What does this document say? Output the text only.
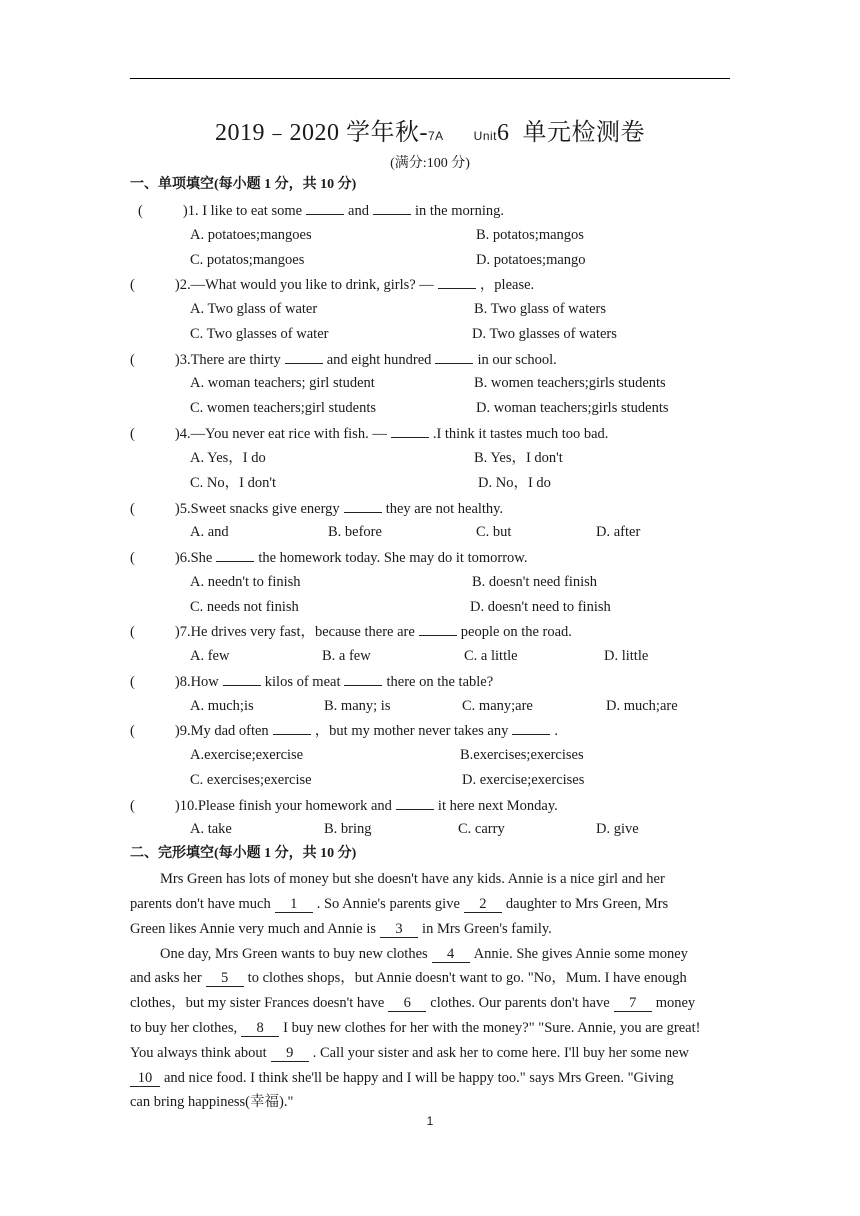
2019﹣2020 学年秋-7A	Unit6 单元检测卷
(满分:100 分)
一、单项填空(每小题 1 分，共 10 分)
(	)1. I like to eat some	and	in the morning.
A. potatoes;mangoes	B. potatos;mangos
C. potatos;mangoes	D. potatoes;mango
(	)2.—What would you like to drink, girls? —	，please.
A. Two glass of water	B. Two glass of waters
C. Two glasses of water	D. Two glasses of waters
(	)3.There are thirty	and eight hundred	in our school.
A. woman teachers; girl student	B. women teachers;girls students
C. women teachers;girl students	D. woman teachers;girls students
(	)4.—You never eat rice with fish. —	.I think it tastes much too bad.
A. Yes，I do	B. Yes，I don't
C. No，I don't	D. No，I do
(	)5.Sweet snacks give energy	they are not healthy.
A. and	B. before	C. but	D. after
(	)6.She	the homework today. She may do it tomorrow.
A. needn't to finish	B. doesn't need finish
C. needs not finish	D. doesn't need to finish
(	)7.He drives very fast，because there are	people on the road.
A. few	B. a few	C. a little	D. little
(	)8.How	kilos of meat	there on the table?
A. much;is	B. many; is	C. many;are	D. much;are
(	)9.My dad often	，but my mother never takes any	.
A.exercise;exercise	B.exercises;exercises
C. exercises;exercise	D. exercise;exercises
(	)10.Please finish your homework and	it here next Monday.
A. take	B. bring	C. carry	D. give
二、完形填空(每小题 1 分，共 10 分)
Mrs Green has lots of money but she doesn't have any kids. Annie is a nice girl and her
parents don't have much 1 . So Annie's parents give 2 daughter to Mrs Green, Mrs
Green likes Annie very much and Annie is 3 in Mrs Green's family.
One day, Mrs Green wants to buy new clothes 4 Annie. She gives Annie some money
and asks her 5 to clothes shops，but Annie doesn't want to go. "No，Mum. I have enough
clothes，but my sister Frances doesn't have 6 clothes. Our parents don't have 7 money
to buy her clothes, 8 I buy new clothes for her with the money?" "Sure. Annie, you are great!
You always think about 9 . Call your sister and ask her to come here. I'll buy her some new
10 and nice food. I think she'll be happy and I will be happy too." says Mrs Green. "Giving
can bring happiness(幸福)."
1
